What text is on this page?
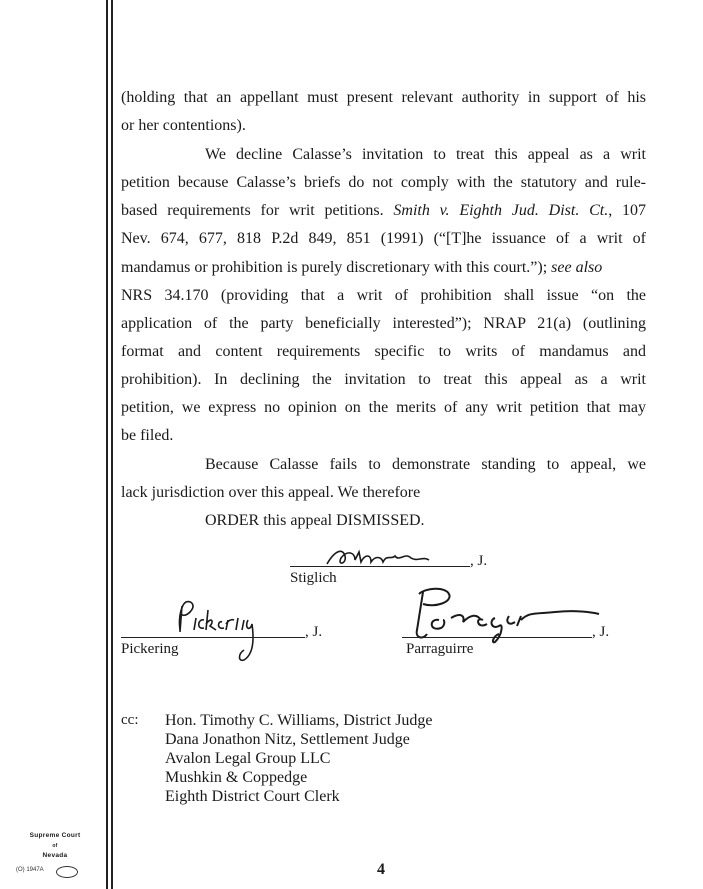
(holding that an appellant must present relevant authority in support of his
or her contentions).
We decline Calasse’s invitation to treat this appeal as a writ
petition because Calasse’s briefs do not comply with the statutory and rule-
based requirements for writ petitions. Smith v. Eighth Jud. Dist. Ct., 107
Nev. 674, 677, 818 P.2d 849, 851 (1991) (“[T]he issuance of a writ of
mandamus or prohibition is purely discretionary with this court.”); see also
NRS 34.170 (providing that a writ of prohibition shall issue “on the
application of the party beneficially interested”); NRAP 21(a) (outlining
format and content requirements specific to writs of mandamus and
prohibition). In declining the invitation to treat this appeal as a writ
petition, we express no opinion on the merits of any writ petition that may
be filed.
Because Calasse fails to demonstrate standing to appeal, we
lack jurisdiction over this appeal. We therefore
ORDER this appeal DISMISSED.
, J.
Stiglich
, J.
Pickering
, J.
Parraguirre
cc: Hon. Timothy C. Williams, District Judge
Dana Jonathon Nitz, Settlement Judge
Avalon Legal Group LLC
Mushkin & Coppedge
Eighth District Court Clerk
Supreme Court
of
Nevada
(O) 1947A	4
